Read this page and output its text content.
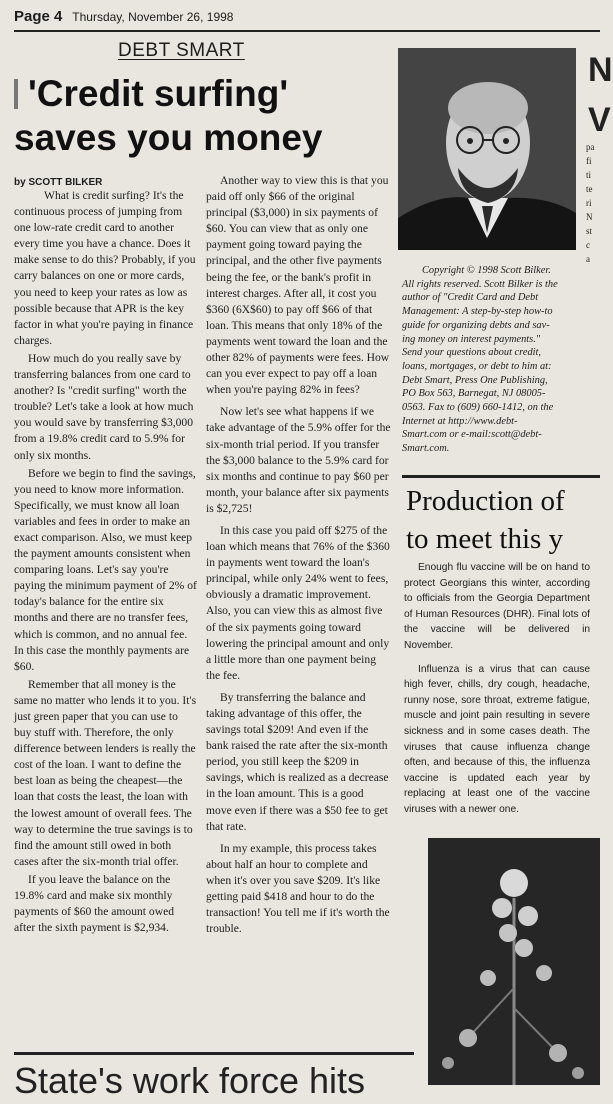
Page 4 Thursday, November 26, 1998
DEBT SMART
'Credit surfing'
saves you money
by SCOTT BILKER

What is credit surfing? It's the continuous process of jumping from one low-rate credit card to another every time you have a chance. Does it make sense to do this? Probably, if you carry balances on one or more cards, you need to keep your rates as low as possible because that APR is the key factor in what you're paying in finance charges.

How much do you really save by transferring balances from one card to another? Is "credit surfing" worth the trouble? Let's take a look at how much you would save by transferring $3,000 from a 19.8% credit card to 5.9% for only six months.

Before we begin to find the savings, you need to know more information. Specifically, we must know all loan variables and fees in order to make an exact comparison. Also, we must keep the payment amounts consistent when comparing loans. Let's say you're paying the minimum payment of 2% of today's balance for the entire six months and there are no transfer fees, which is common, and no annual fee. In this case the monthly payments are $60.

Remember that all money is the same no matter who lends it to you. It's just green paper that you can use to buy stuff with. Therefore, the only difference between lenders is really the cost of the loan. I want to define the best loan as being the cheapest—the loan that costs the least, the loan with the lowest amount of overall fees. The way to determine the true savings is to find the amount still owed in both cases after the six-month trial offer.

If you leave the balance on the 19.8% card and make six monthly payments of $60 the amount owed after the sixth payment is $2,934.

Another way to view this is that you paid off only $66 of the original principal ($3,000) in six payments of $60. You can view that as only one payment going toward paying the principal, and the other five payments being the fee, or the bank's profit in interest charges. After all, it cost you $360 (6X$60) to pay off $66 of that loan. This means that only 18% of the payments went toward the loan and the other 82% of payments were fees. How can you ever expect to pay off a loan when you're paying 82% in fees?

Now let's see what happens if we take advantage of the 5.9% offer for the six-month trial period. If you transfer the $3,000 balance to the 5.9% card for six months and continue to pay $60 per month, your balance after six payments is $2,725!

In this case you paid off $275 of the loan which means that 76% of the $360 in payments went toward the loan's principal, while only 24% went to fees, obviously a dramatic improvement. Also, you can view this as almost five of the six payments going toward lowering the principal amount and only a little more than one payment being the fee.

By transferring the balance and taking advantage of this offer, the savings total $209! And even if the bank raised the rate after the six-month period, you still keep the $209 in savings, which is realized as a decrease in the loan amount. This is a good move even if there was a $50 fee to get that rate.

In my example, this process takes about half an hour to complete and when it's over you save $209. It's like getting paid $418 and hour to do the transaction! You tell me if it's worth the trouble.

Copyright © 1998 Scott Bilker.
All rights reserved. Scott Bilker is the
author of "Credit Card and Debt
Management: A step-by-step how-to
guide for organizing debts and sav-
ing money on interest payments."
Send your questions about credit,
loans, mortgages, or debt to him at:
Debt Smart, Press One Publishing,
PO Box 563, Barnegat, NJ 08005-
0563. Fax to (609) 660-1412, on the
Internet at http://www.debt-
Smart.com or e-mail:scott@debt-
Smart.com.
N
V
pa
fi
ti
te
ri
N
st
c
a
Production of
to meet this y

Enough flu vaccine will be on hand to protect Georgians this winter, according to officials from the Georgia Department of Human Resources (DHR). Final lots of the vaccine will be delivered in November.

Influenza is a virus that can cause high fever, chills, dry cough, headache, runny nose, sore throat, extreme fatigue, muscle and joint pain resulting in severe sickness and in some cases death. The viruses that cause influenza change often, and because of this, the influenza vaccine is updated each year by replacing at least one of the vaccine viruses with a newer one.

State's work force hits
